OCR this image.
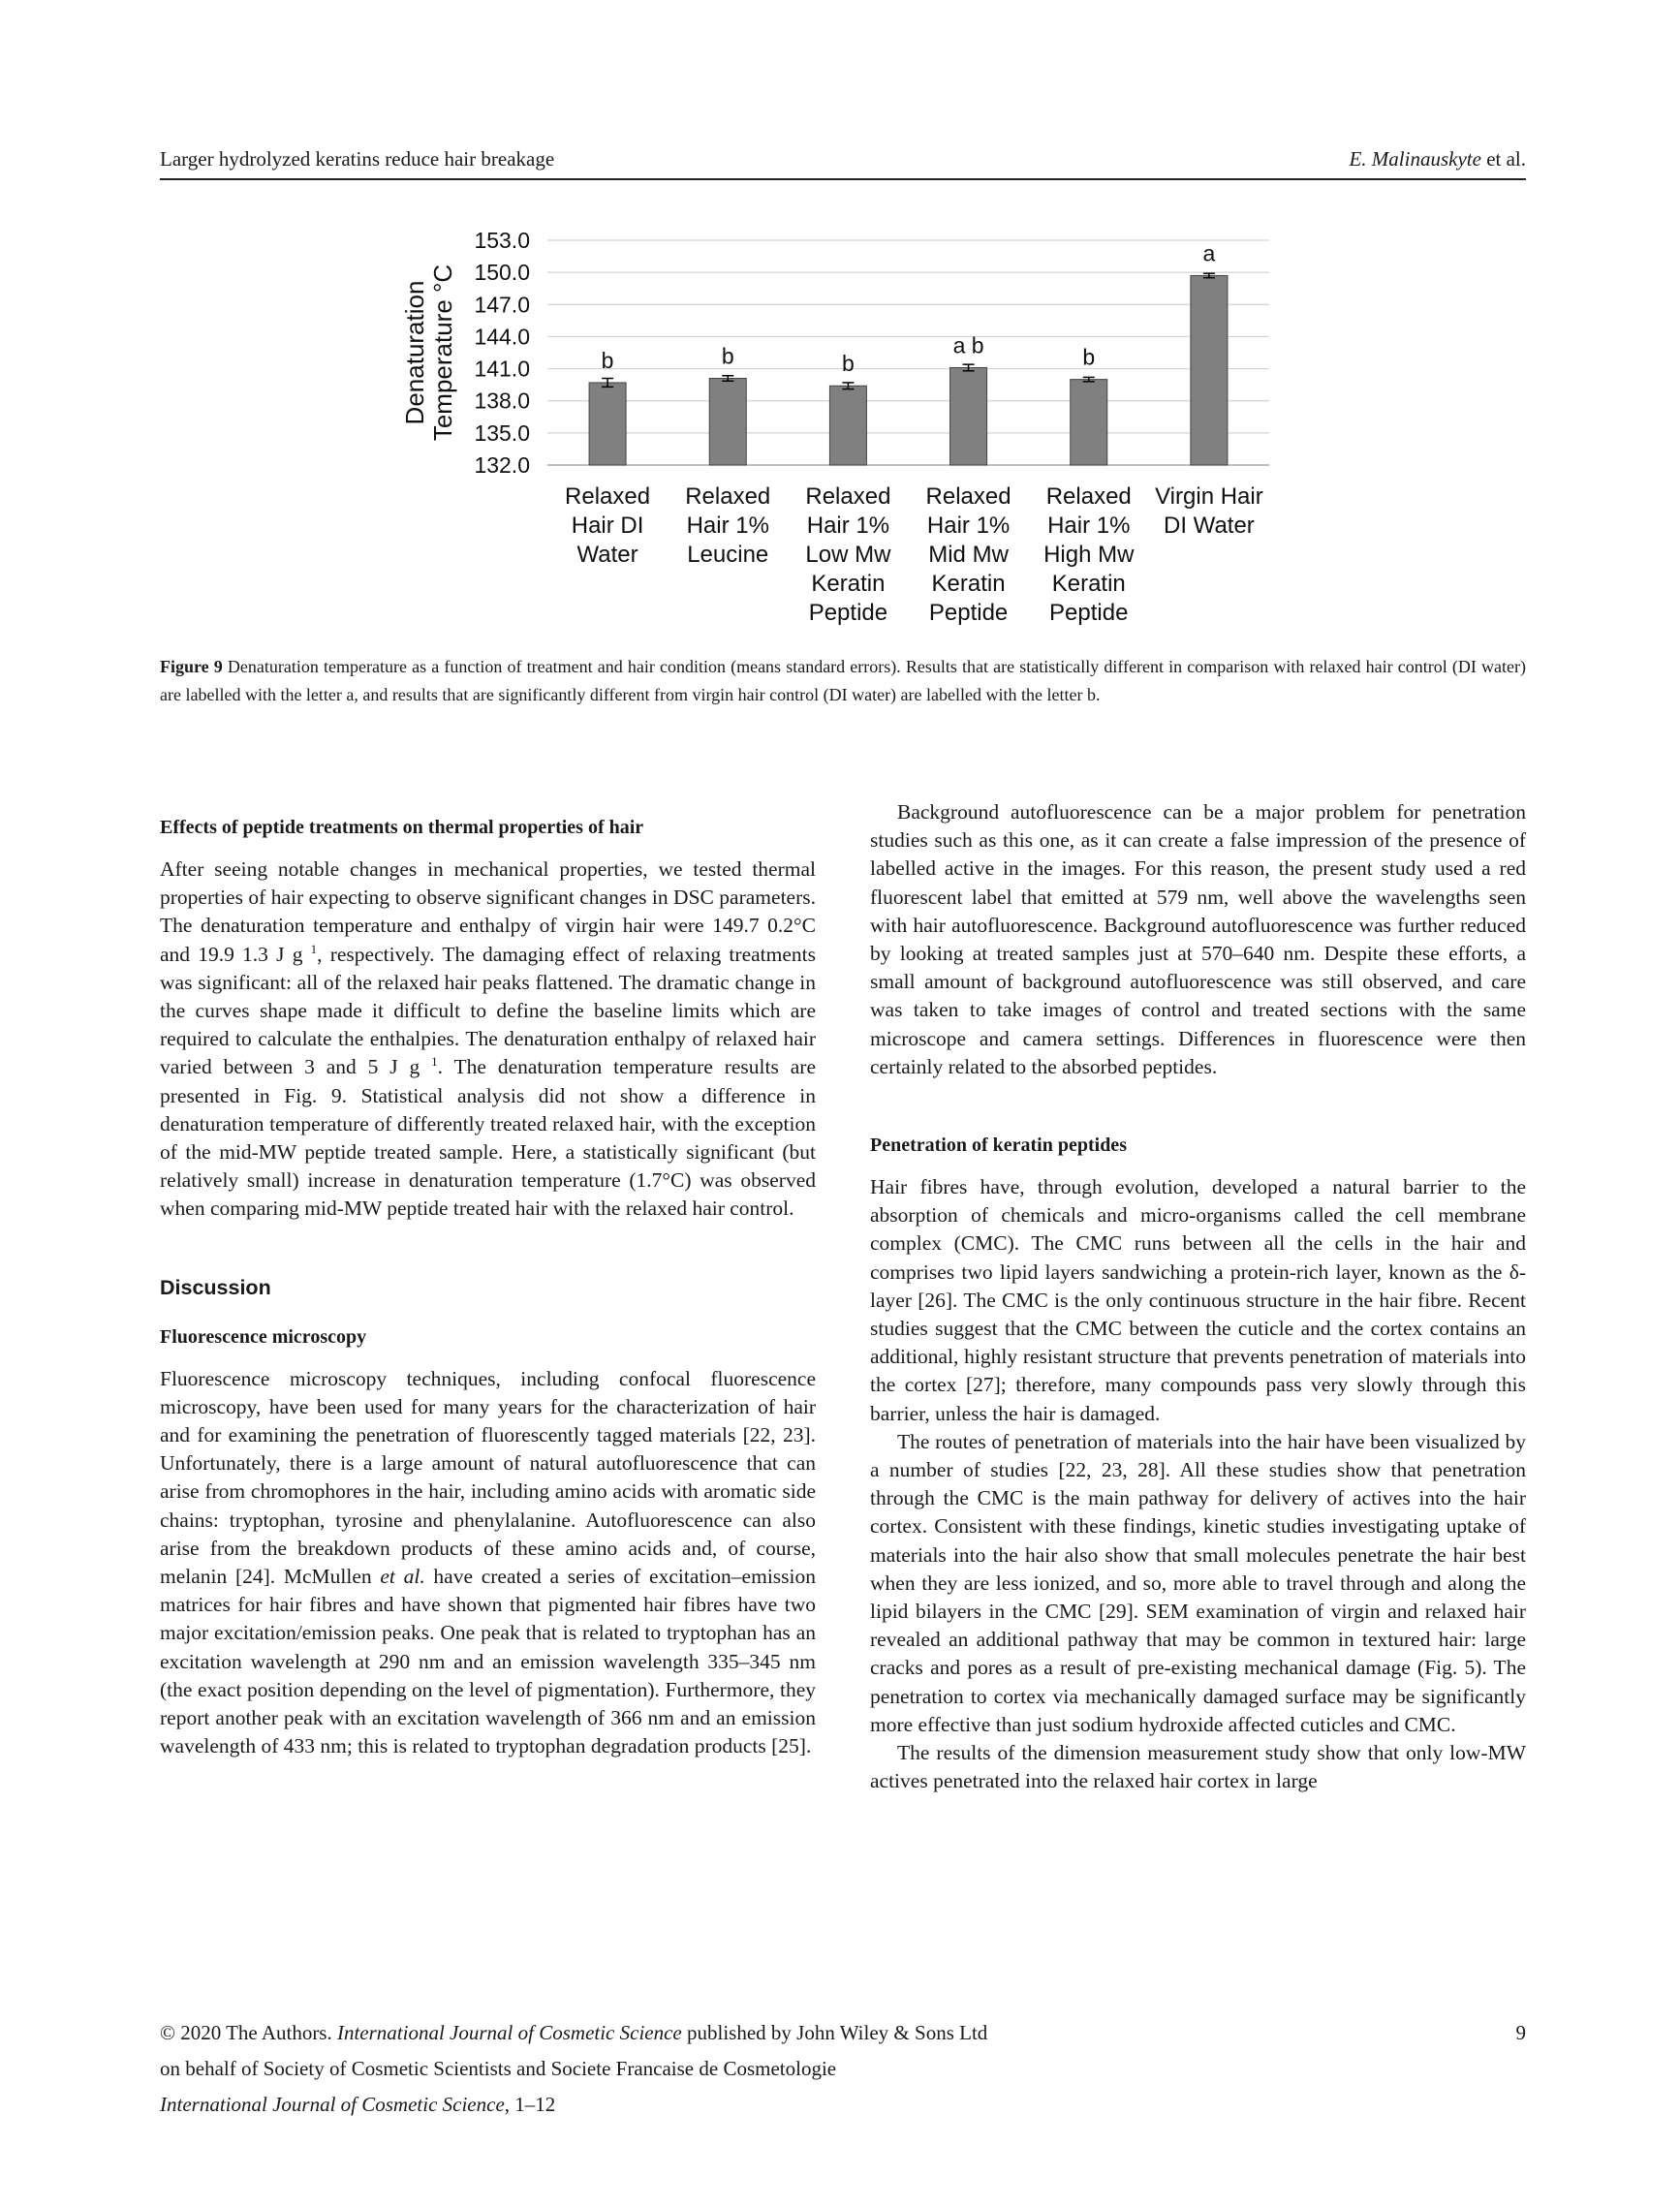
Larger hydrolyzed keratins reduce hair breakage	E. Malinauskyte et al.
153.0
150.0
147.0
144.0
141.0
138.0
135.0
132.0
Denaturation Temperature °C	b
Relaxed
Hair DI
Water
b
Relaxed
Hair 1%
Leucine
b
Relaxed
Hair 1%
Low Mw
Keratin
Peptide
a b
Relaxed
Hair 1%
Mid Mw
Keratin
Peptide
b
Relaxed
Hair 1%
High Mw
Keratin
Peptide
a
Virgin Hair
DI Water

Figure 9 Denaturation temperature as a function of treatment and hair condition (means standard errors). Results that are statistically different in comparison with relaxed hair control (DI water) are labelled with the letter a, and results that are significantly different from virgin hair control (DI water) are labelled with the letter b.

Effects of peptide treatments on thermal properties of hair

After seeing notable changes in mechanical properties, we tested thermal properties of hair expecting to observe significant changes in DSC parameters. The denaturation temperature and enthalpy of virgin hair were 149.7 0.2°C and 19.9 1.3 J g $^1$, respectively. The damaging effect of relaxing treatments was significant: all of the relaxed hair peaks flattened. The dramatic change in the curves shape made it difficult to define the baseline limits which are required to calculate the enthalpies. The denaturation enthalpy of relaxed hair varied between 3 and 5 J g $^1$. The denaturation temperature results are presented in Fig. 9. Statistical analysis did not show a difference in denaturation temperature of differently treated relaxed hair, with the exception of the mid-MW peptide treated sample. Here, a statistically significant (but relatively small) increase in denaturation temperature (1.7°C) was observed when comparing mid-MW peptide treated hair with the relaxed hair control.

Discussion
Fluorescence microscopy

Fluorescence microscopy techniques, including confocal fluorescence microscopy, have been used for many years for the characterization of hair and for examining the penetration of fluorescently tagged materials [22, 23]. Unfortunately, there is a large amount of natural autofluorescence that can arise from chromophores in the hair, including amino acids with aromatic side chains: tryptophan, tyrosine and phenylalanine. Autofluorescence can also arise from the breakdown products of these amino acids and, of course, melanin [24]. McMullen et al. have created a series of excitation–emission matrices for hair fibres and have shown that pigmented hair fibres have two major excitation/emission peaks. One peak that is related to tryptophan has an excitation wavelength at 290 nm and an emission wavelength 335–345 nm (the exact position depending on the level of pigmentation). Furthermore, they report another peak with an excitation wavelength of 366 nm and an emission wavelength of 433 nm; this is related to tryptophan degradation products [25].

Background autofluorescence can be a major problem for penetration studies such as this one, as it can create a false impression of the presence of labelled active in the images. For this reason, the present study used a red fluorescent label that emitted at 579 nm, well above the wavelengths seen with hair autofluorescence. Background autofluorescence was further reduced by looking at treated samples just at 570–640 nm. Despite these efforts, a small amount of background autofluorescence was still observed, and care was taken to take images of control and treated sections with the same microscope and camera settings. Differences in fluorescence were then certainly related to the absorbed peptides.

Penetration of keratin peptides

Hair fibres have, through evolution, developed a natural barrier to the absorption of chemicals and micro-organisms called the cell membrane complex (CMC). The CMC runs between all the cells in the hair and comprises two lipid layers sandwiching a protein-rich layer, known as the δ-layer [26]. The CMC is the only continuous structure in the hair fibre. Recent studies suggest that the CMC between the cuticle and the cortex contains an additional, highly resistant structure that prevents penetration of materials into the cortex [27]; therefore, many compounds pass very slowly through this barrier, unless the hair is damaged.

The routes of penetration of materials into the hair have been visualized by a number of studies [22, 23, 28]. All these studies show that penetration through the CMC is the main pathway for delivery of actives into the hair cortex. Consistent with these findings, kinetic studies investigating uptake of materials into the hair also show that small molecules penetrate the hair best when they are less ionized, and so, more able to travel through and along the lipid bilayers in the CMC [29]. SEM examination of virgin and relaxed hair revealed an additional pathway that may be common in textured hair: large cracks and pores as a result of pre-existing mechanical damage (Fig. 5). The penetration to cortex via mechanically damaged surface may be significantly more effective than just sodium hydroxide affected cuticles and CMC.

The results of the dimension measurement study show that only low-MW actives penetrated into the relaxed hair cortex in large

© 2020 The Authors. International Journal of Cosmetic Science published by John Wiley & Sons Ltd
on behalf of Society of Cosmetic Scientists and Societe Francaise de Cosmetologie
International Journal of Cosmetic Science, 1–12
9
